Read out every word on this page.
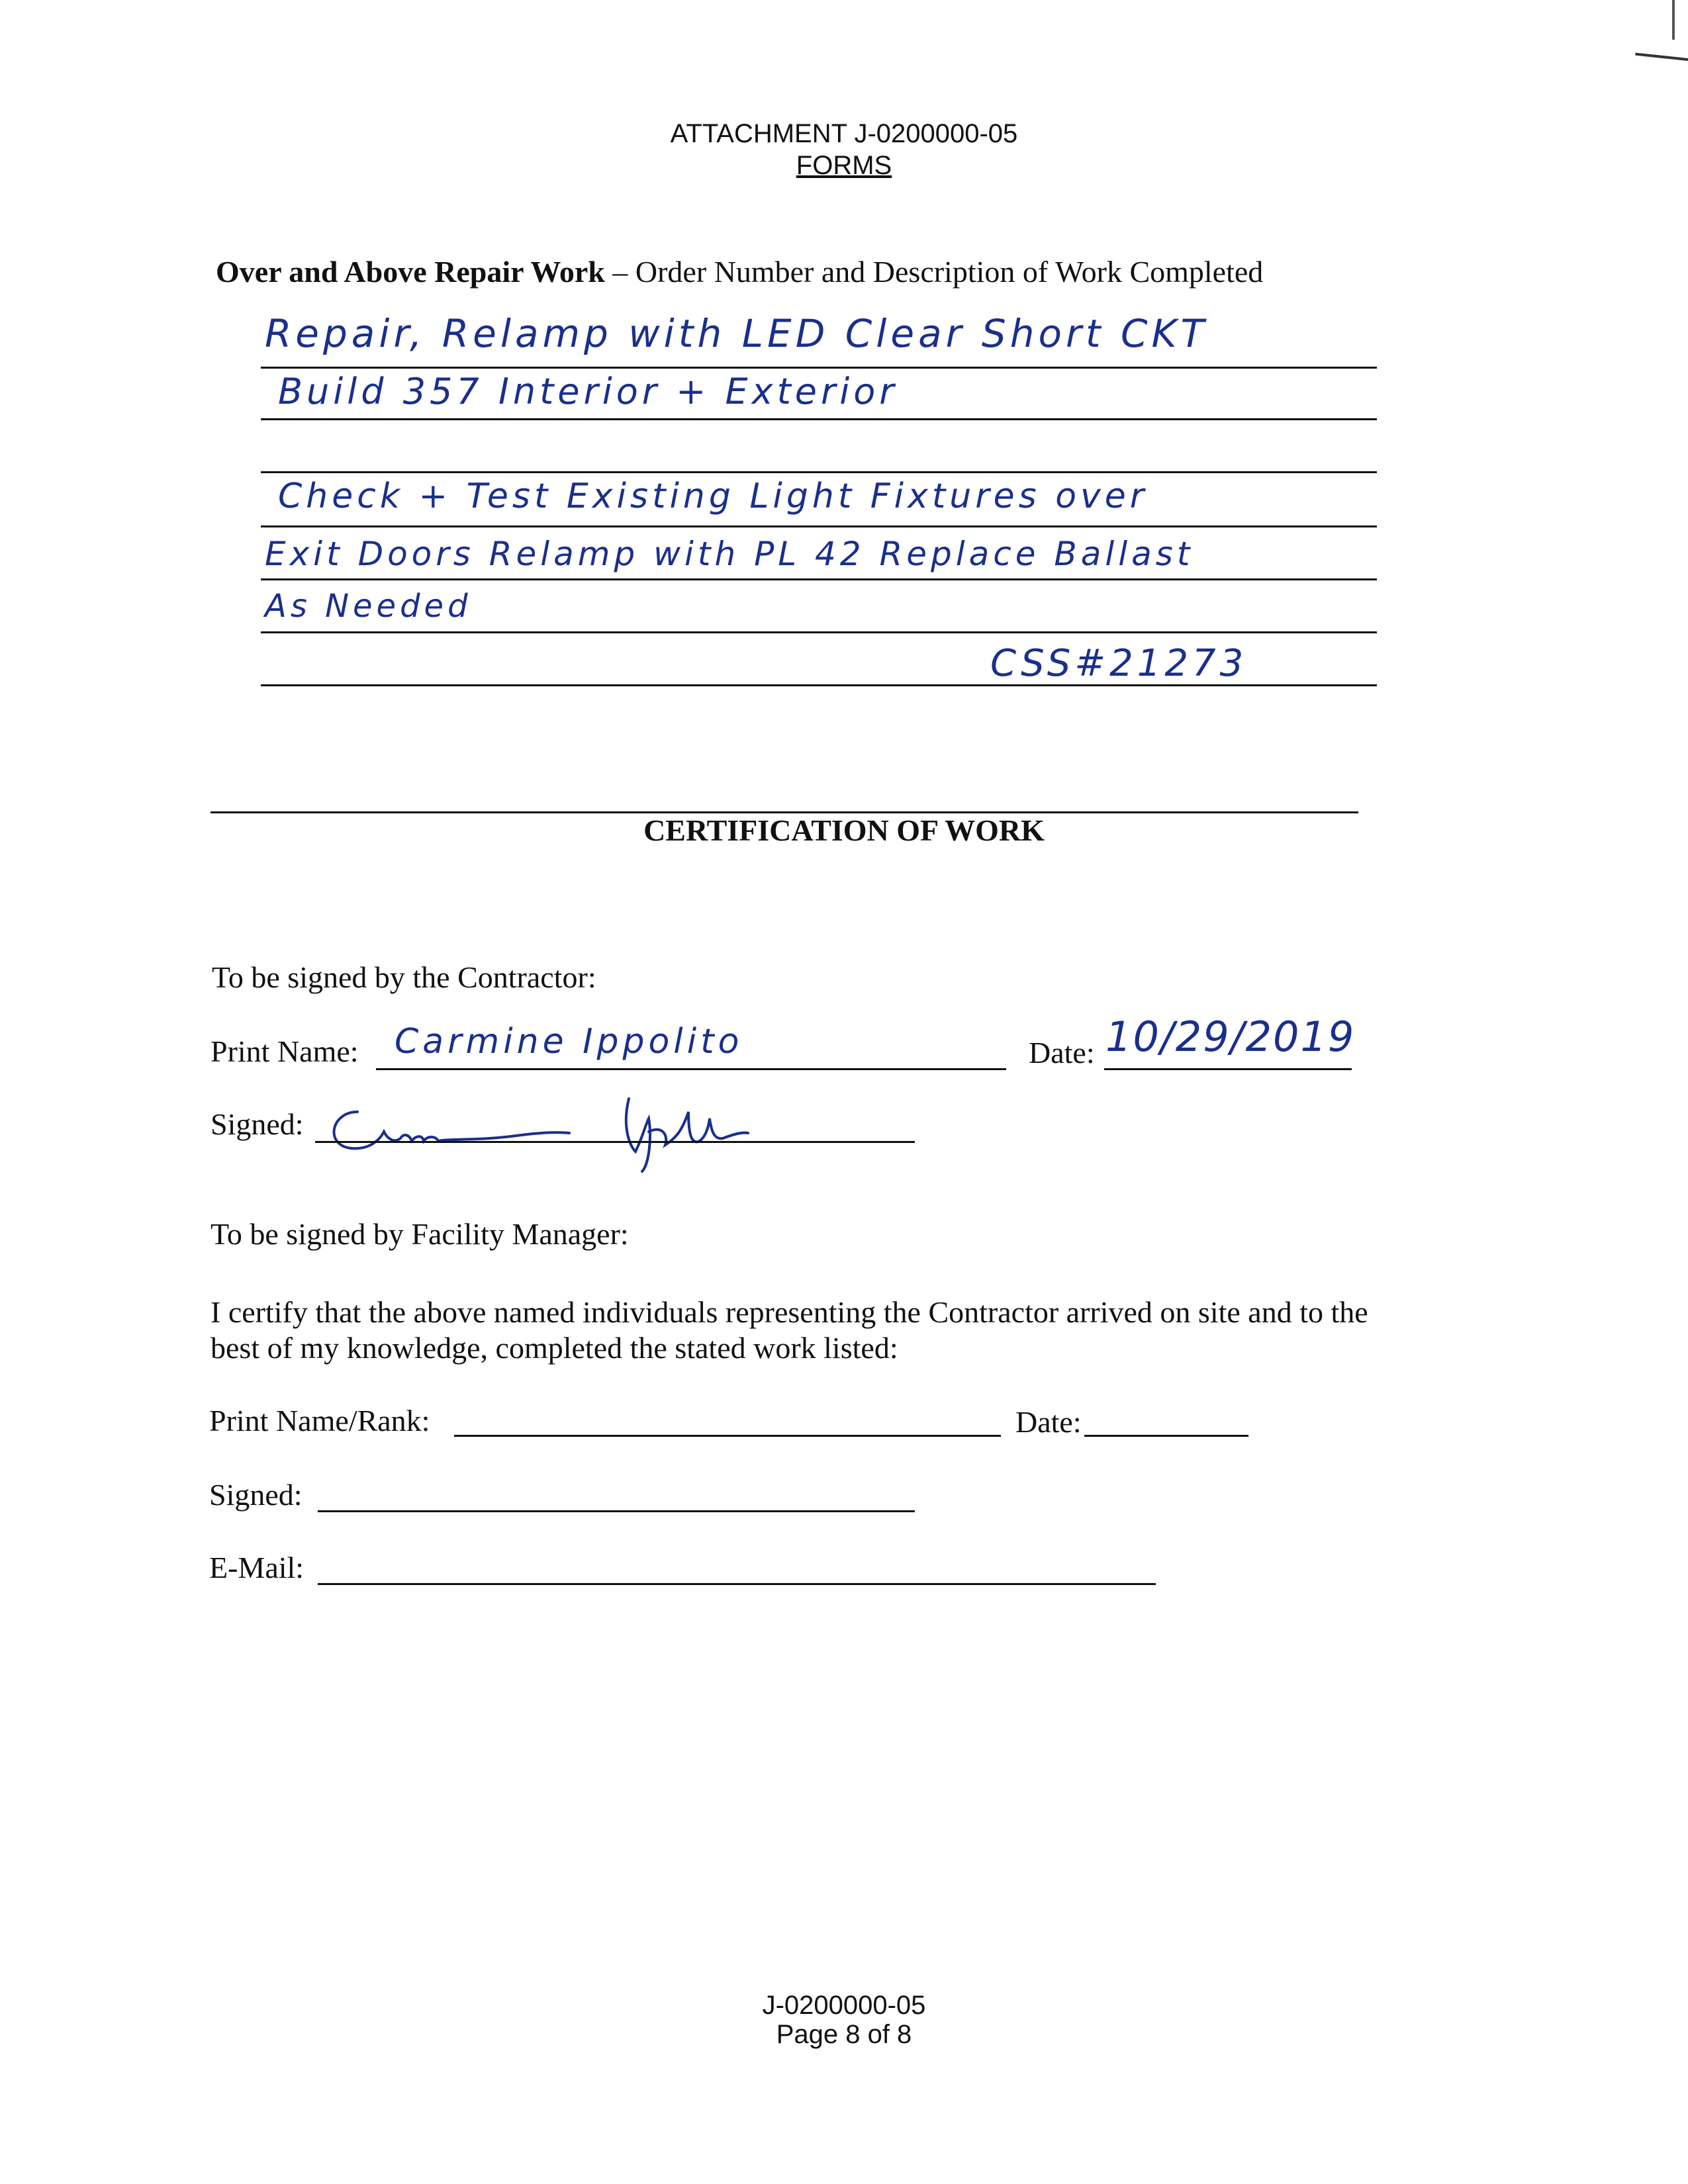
ATTACHMENT J-0200000-05
FORMS
Over and Above Repair Work – Order Number and Description of Work Completed
Repair, Relamp with LED Clear Short CKT
Build 357 Interior + Exterior
Check + Test Existing Light Fixtures over
Exit Doors Relamp with PL 42 Replace Ballast
As Needed
CSS#21273
CERTIFICATION OF WORK
To be signed by the Contractor:
Print Name: Carmine Ippolito	Date: 10/29/2019
Signed:
To be signed by Facility Manager:
I certify that the above named individuals representing the Contractor arrived on site and to the
best of my knowledge, completed the stated work listed:
Print Name/Rank:	Date:
Signed:
E-Mail:
J-0200000-05
Page 8 of 8
